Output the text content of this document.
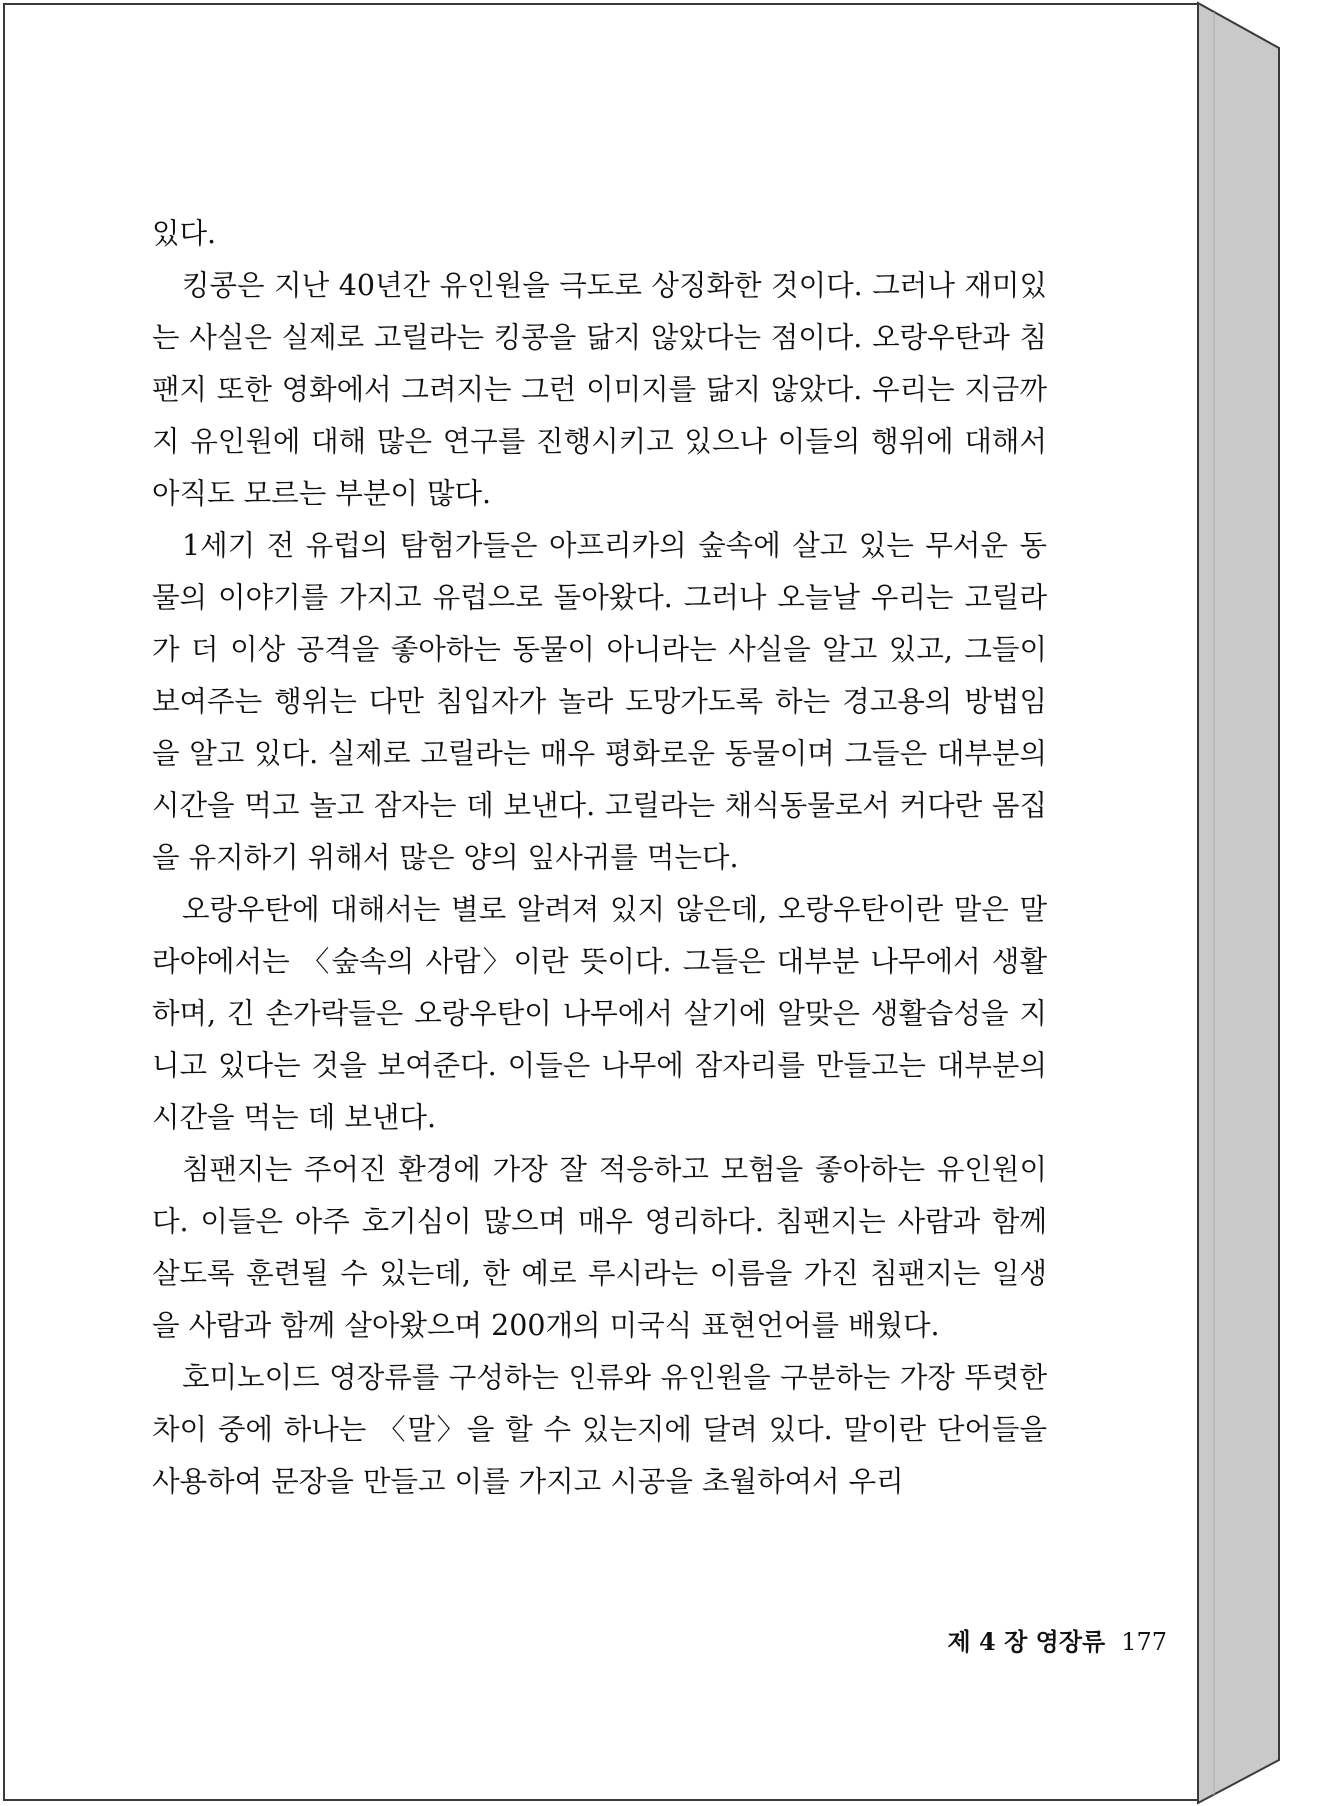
있다.

킹콩은 지난 40년간 유인원을 극도로 상징화한 것이다. 그러나 재미있는 사실은 실제로 고릴라는 킹콩을 닮지 않았다는 점이다. 오랑우탄과 침팬지 또한 영화에서 그려지는 그런 이미지를 닮지 않았다. 우리는 지금까지 유인원에 대해 많은 연구를 진행시키고 있으나 이들의 행위에 대해서 아직도 모르는 부분이 많다.

1세기 전 유럽의 탐험가들은 아프리카의 숲속에 살고 있는 무서운 동물의 이야기를 가지고 유럽으로 돌아왔다. 그러나 오늘날 우리는 고릴라가 더 이상 공격을 좋아하는 동물이 아니라는 사실을 알고 있고, 그들이 보여주는 행위는 다만 침입자가 놀라 도망가도록 하는 경고용의 방법임을 알고 있다. 실제로 고릴라는 매우 평화로운 동물이며 그들은 대부분의 시간을 먹고 놀고 잠자는 데 보낸다. 고릴라는 채식동물로서 커다란 몸집을 유지하기 위해서 많은 양의 잎사귀를 먹는다.

오랑우탄에 대해서는 별로 알려져 있지 않은데, 오랑우탄이란 말은 말라야에서는 〈숲속의 사람〉이란 뜻이다. 그들은 대부분 나무에서 생활하며, 긴 손가락들은 오랑우탄이 나무에서 살기에 알맞은 생활습성을 지니고 있다는 것을 보여준다. 이들은 나무에 잠자리를 만들고는 대부분의 시간을 먹는 데 보낸다.

침팬지는 주어진 환경에 가장 잘 적응하고 모험을 좋아하는 유인원이다. 이들은 아주 호기심이 많으며 매우 영리하다. 침팬지는 사람과 함께 살도록 훈련될 수 있는데, 한 예로 루시라는 이름을 가진 침팬지는 일생을 사람과 함께 살아왔으며 200개의 미국식 표현언어를 배웠다.

호미노이드 영장류를 구성하는 인류와 유인원을 구분하는 가장 뚜렷한 차이 중에 하나는 〈말〉을 할 수 있는지에 달려 있다. 말이란 단어들을 사용하여 문장을 만들고 이를 가지고 시공을 초월하여서 우리

제 4 장 영장류 177
